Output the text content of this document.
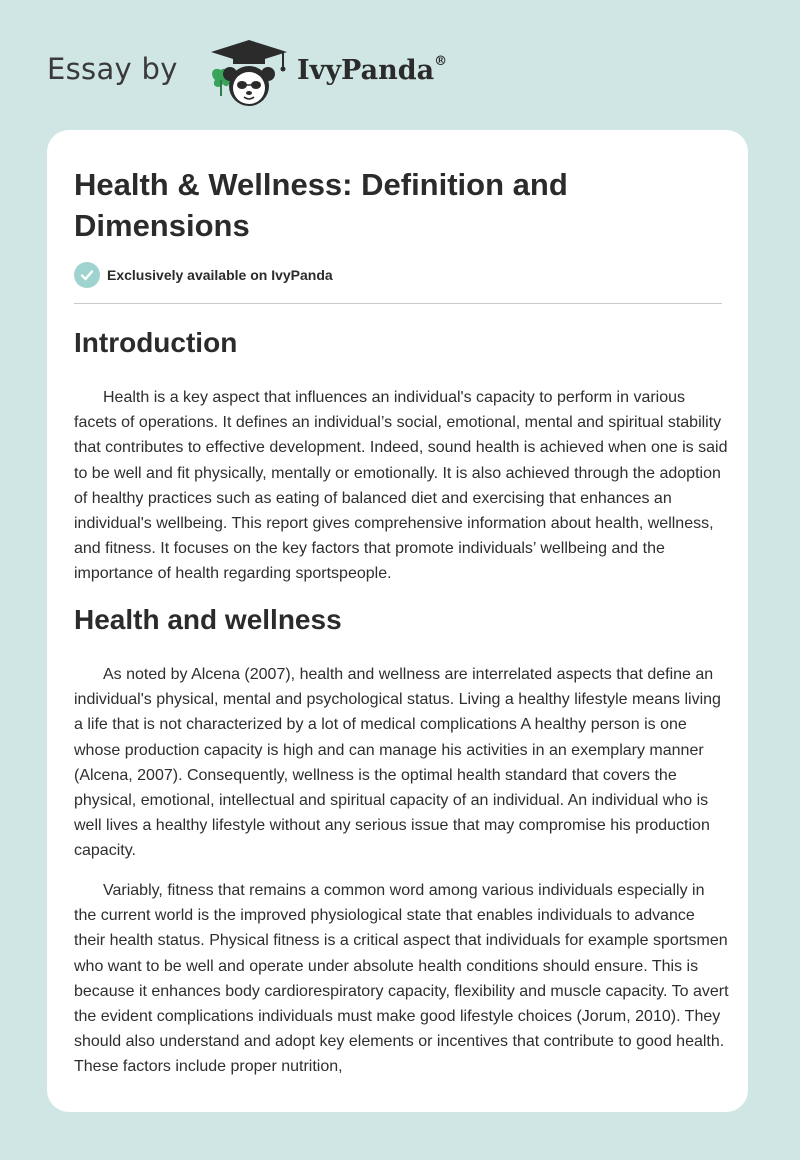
Essay by	IvyPanda®
Health & Wellness: Definition and Dimensions
Exclusively available on IvyPanda
Introduction

Health is a key aspect that influences an individual's capacity to perform in various facets of operations. It defines an individual’s social, emotional, mental and spiritual stability that contributes to effective development. Indeed, sound health is achieved when one is said to be well and fit physically, mentally or emotionally. It is also achieved through the adoption of healthy practices such as eating of balanced diet and exercising that enhances an individual's wellbeing. This report gives comprehensive information about health, wellness, and fitness. It focuses on the key factors that promote individuals’ wellbeing and the importance of health regarding sportspeople.

Health and wellness

As noted by Alcena (2007), health and wellness are interrelated aspects that define an individual's physical, mental and psychological status. Living a healthy lifestyle means living a life that is not characterized by a lot of medical complications A healthy person is one whose production capacity is high and can manage his activities in an exemplary manner (Alcena, 2007). Consequently, wellness is the optimal health standard that covers the physical, emotional, intellectual and spiritual capacity of an individual. An individual who is well lives a healthy lifestyle without any serious issue that may compromise his production capacity.

Variably, fitness that remains a common word among various individuals especially in the current world is the improved physiological state that enables individuals to advance their health status. Physical fitness is a critical aspect that individuals for example sportsmen who want to be well and operate under absolute health conditions should ensure. This is because it enhances body cardiorespiratory capacity, flexibility and muscle capacity. To avert the evident complications individuals must make good lifestyle choices (Jorum, 2010). They should also understand and adopt key elements or incentives that contribute to good health. These factors include proper nutrition,
